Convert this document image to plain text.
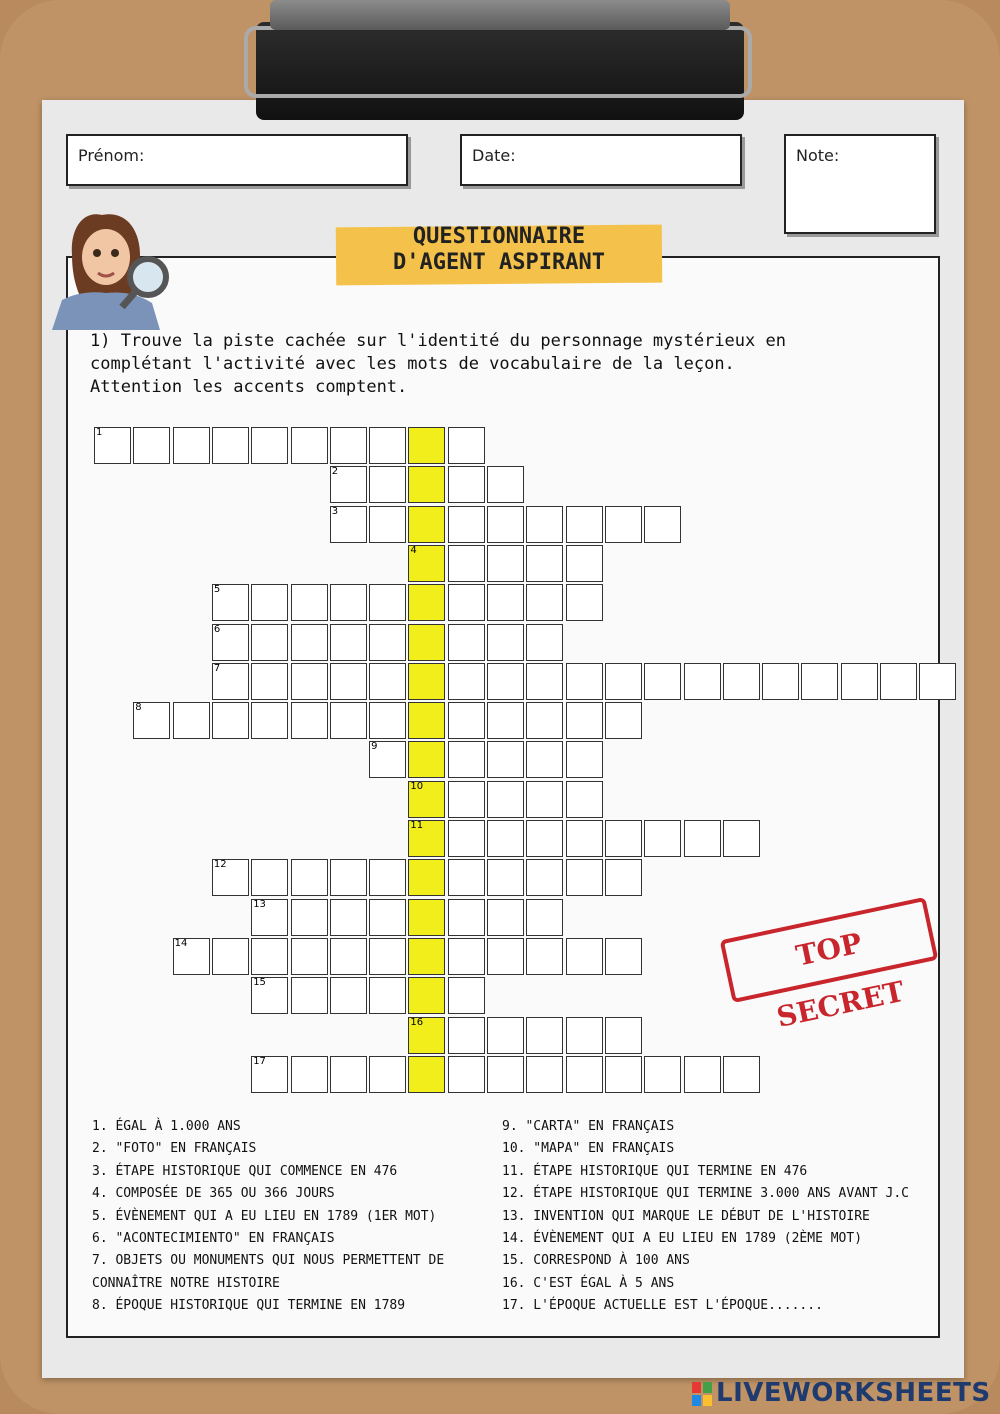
Prénom:	Date:	Note:
QUESTIONNAIRE
D'AGENT ASPIRANT
1) Trouve la piste cachée sur l'identité du personnage mystérieux en
complétant l'activité avec les mots de vocabulaire de la leçon.
Attention les accents comptent.
1
2
3
4
5
6
7
8
9
10
11
12
13
14
15
16
17
TOP SECRET
1. ÉGAL À 1.000 ANS
2. "FOTO" EN FRANÇAIS
3. ÉTAPE HISTORIQUE QUI COMMENCE EN 476
4. COMPOSÉE DE 365 OU 366 JOURS
5. ÉVÈNEMENT QUI A EU LIEU EN 1789 (1ER MOT)
6. "ACONTECIMIENTO" EN FRANÇAIS
7. OBJETS OU MONUMENTS QUI NOUS PERMETTENT DE
CONNAÎTRE NOTRE HISTOIRE
8. ÉPOQUE HISTORIQUE QUI TERMINE EN 1789
9. "CARTA" EN FRANÇAIS
10. "MAPA" EN FRANÇAIS
11. ÉTAPE HISTORIQUE QUI TERMINE EN 476
12. ÉTAPE HISTORIQUE QUI TERMINE 3.000 ANS AVANT J.C
13. INVENTION QUI MARQUE LE DÉBUT DE L'HISTOIRE
14. ÉVÈNEMENT QUI A EU LIEU EN 1789 (2ÈME MOT)
15. CORRESPOND À 100 ANS
16. C'EST ÉGAL À 5 ANS
17. L'ÉPOQUE ACTUELLE EST L'ÉPOQUE.......
LIVEWORKSHEETS
